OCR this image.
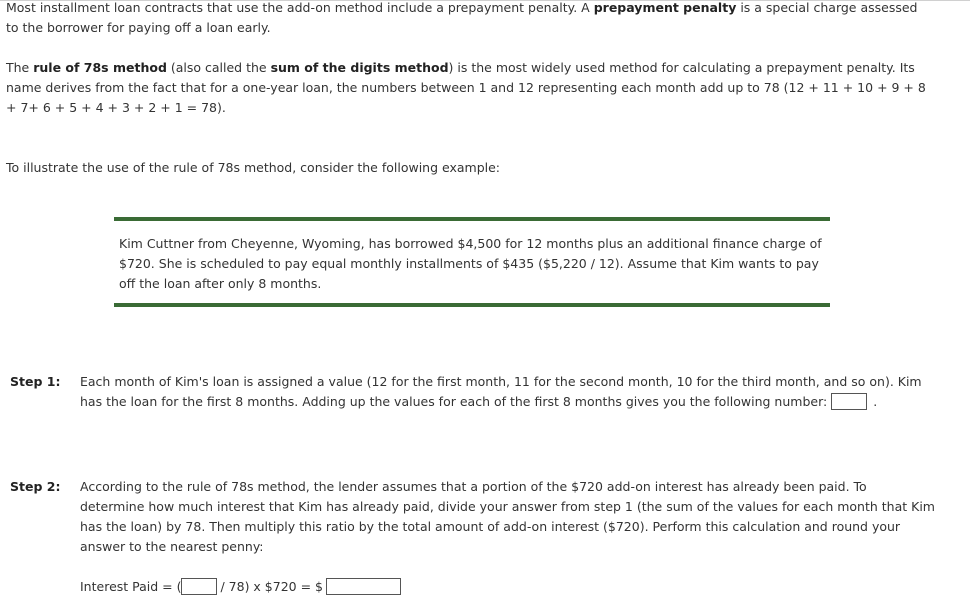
Most installment loan contracts that use the add-on method include a prepayment penalty. A prepayment penalty is a special charge assessed to the borrower for paying off a loan early.
The rule of 78s method (also called the sum of the digits method) is the most widely used method for calculating a prepayment penalty. Its name derives from the fact that for a one-year loan, the numbers between 1 and 12 representing each month add up to 78 (12 + 11 + 10 + 9 + 8 + 7+ 6 + 5 + 4 + 3 + 2 + 1 = 78).
To illustrate the use of the rule of 78s method, consider the following example:
Kim Cuttner from Cheyenne, Wyoming, has borrowed $4,500 for 12 months plus an additional finance charge of $720. She is scheduled to pay equal monthly installments of $435 ($5,220 / 12). Assume that Kim wants to pay off the loan after only 8 months.
Step 1: Each month of Kim's loan is assigned a value (12 for the first month, 11 for the second month, 10 for the third month, and so on). Kim has the loan for the first 8 months. Adding up the values for each of the first 8 months gives you the following number:	.
Step 2: According to the rule of 78s method, the lender assumes that a portion of the $720 add-on interest has already been paid. To determine how much interest that Kim has already paid, divide your answer from step 1 (the sum of the values for each month that Kim has the loan) by 78. Then multiply this ratio by the total amount of add-on interest ($720). Perform this calculation and round your answer to the nearest penny:
Interest Paid = (	/ 78) x $720 = $
